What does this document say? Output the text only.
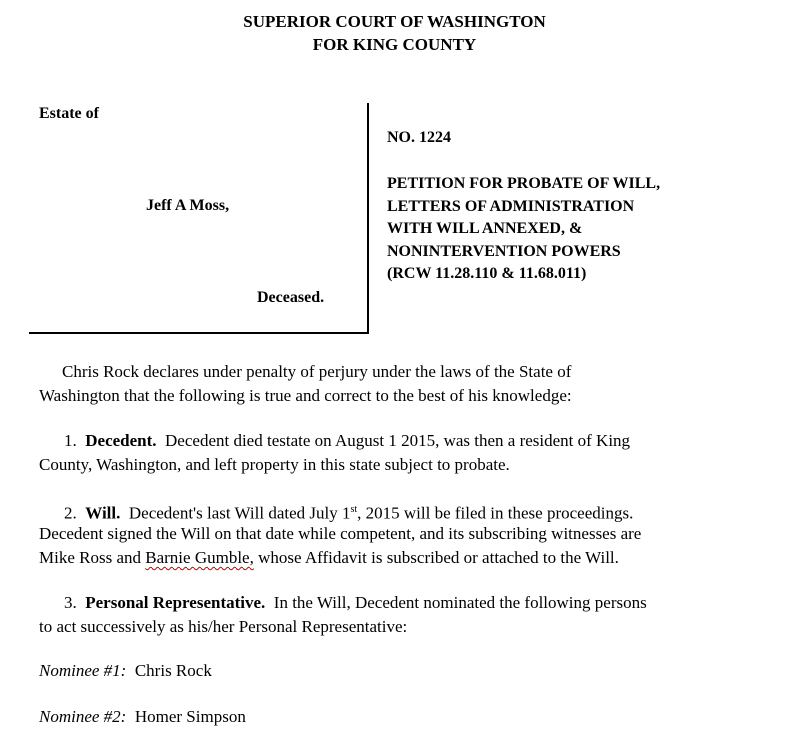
SUPERIOR COURT OF WASHINGTON
FOR KING COUNTY
Estate of
Jeff A Moss,
Deceased.
NO. 1224
PETITION FOR PROBATE OF WILL,
LETTERS OF ADMINISTRATION
WITH WILL ANNEXED, &
NONINTERVENTION POWERS
(RCW 11.28.110 & 11.68.011)
Chris Rock declares under penalty of perjury under the laws of the State of
Washington that the following is true and correct to the best of his knowledge:
1. Decedent. Decedent died testate on August 1 2015, was then a resident of King
County, Washington, and left property in this state subject to probate.
2. Will. Decedent's last Will dated July 1st, 2015 will be filed in these proceedings.
Decedent signed the Will on that date while competent, and its subscribing witnesses are
Mike Ross and Barnie Gumble, whose Affidavit is subscribed or attached to the Will.
3. Personal Representative. In the Will, Decedent nominated the following persons
to act successively as his/her Personal Representative:
Nominee #1: Chris Rock
Nominee #2: Homer Simpson
